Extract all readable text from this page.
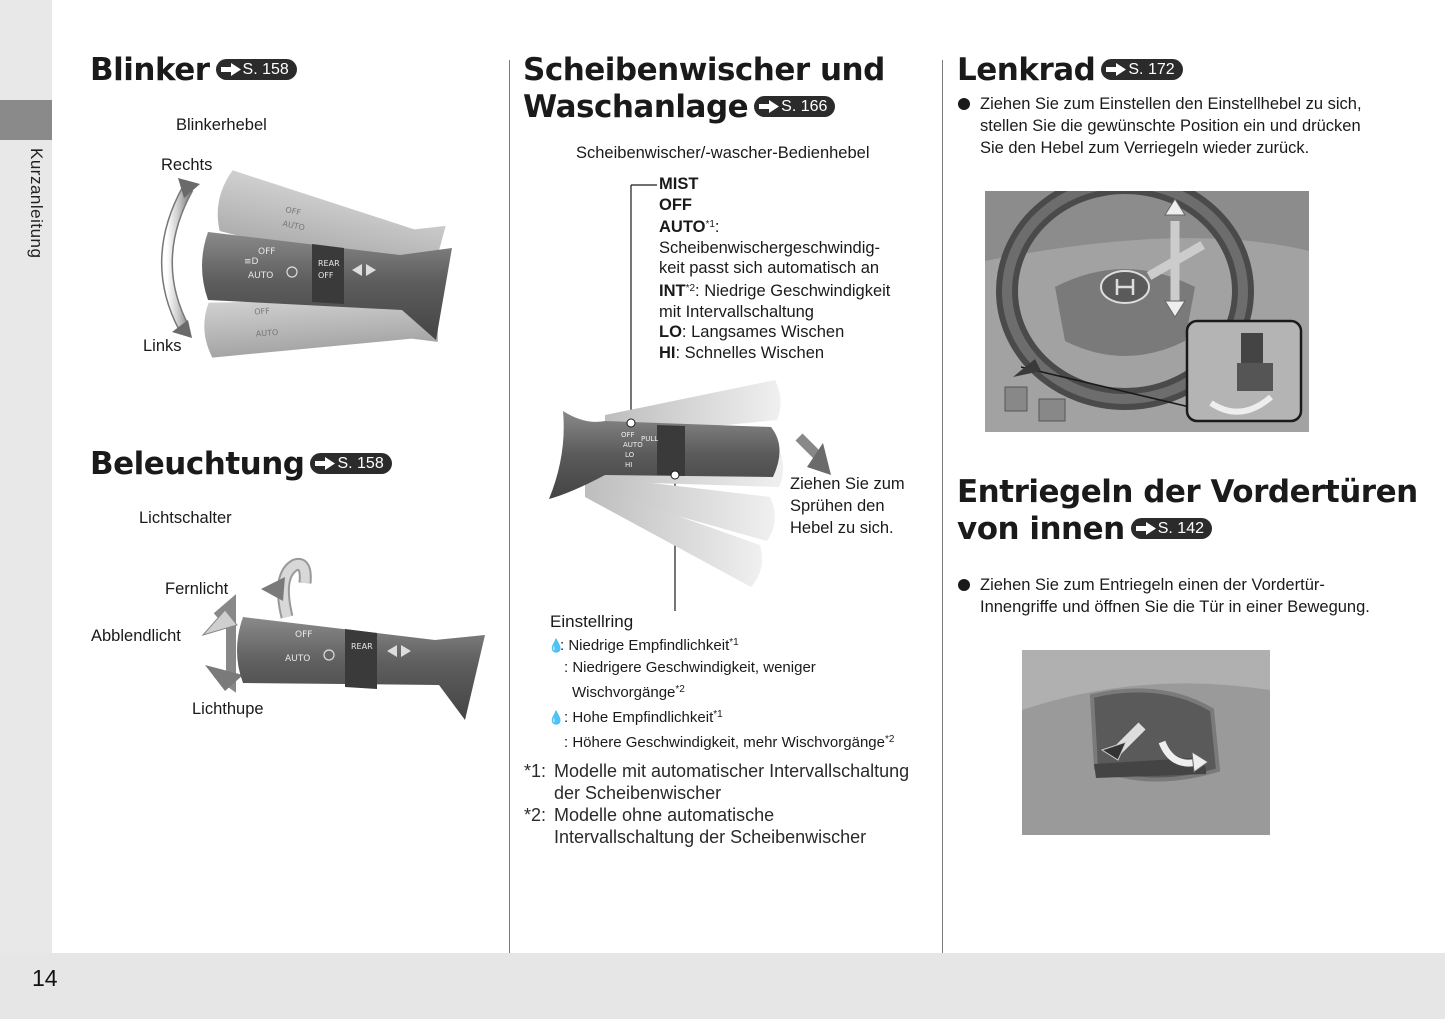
Kurzanleitung
14
Blinker S. 158
Blinkerhebel
Rechts
Links
OFF
AUTO
OFF
AUTO
OFF
≡D
AUTO
REAR
OFF
Beleuchtung S. 158
Lichtschalter
Fernlicht
Abblendlicht
Lichthupe
OFF
AUTO
REAR
Scheibenwischer und
Waschanlage S. 166
Scheibenwischer/-wascher-Bedienhebel
MIST
OFF
AUTO$^{*1}$:
Scheibenwischergeschwindig-
keit passt sich automatisch an
INT$^{*2}$: Niedrige Geschwindigkeit
mit Intervallschaltung
LO: Langsames Wischen
HI: Schnelles Wischen
OFF
AUTO
LO
HI
PULL
Ziehen Sie zum
Sprühen den
Hebel zu sich.
Einstellring
💧: Niedrige Empfindlichkeit$^{*1}$
: Niedrigere Geschwindigkeit, weniger
Wischvorgänge$^{*2}$
💧: Hohe Empfindlichkeit$^{*1}$
: Höhere Geschwindigkeit, mehr Wischvorgänge$^{*2}$
*1: Modelle mit automatischer Intervallschaltung
der Scheibenwischer
*2: Modelle ohne automatische
Intervallschaltung der Scheibenwischer
Lenkrad S. 172
Ziehen Sie zum Einstellen den Einstellhebel zu sich, stellen Sie die gewünschte Position ein und drücken Sie den Hebel zum Verriegeln wieder zurück.
Entriegeln der Vordertüren
von innen S. 142
Ziehen Sie zum Entriegeln einen der Vordertür-Innengriffe und öffnen Sie die Tür in einer Bewegung.
